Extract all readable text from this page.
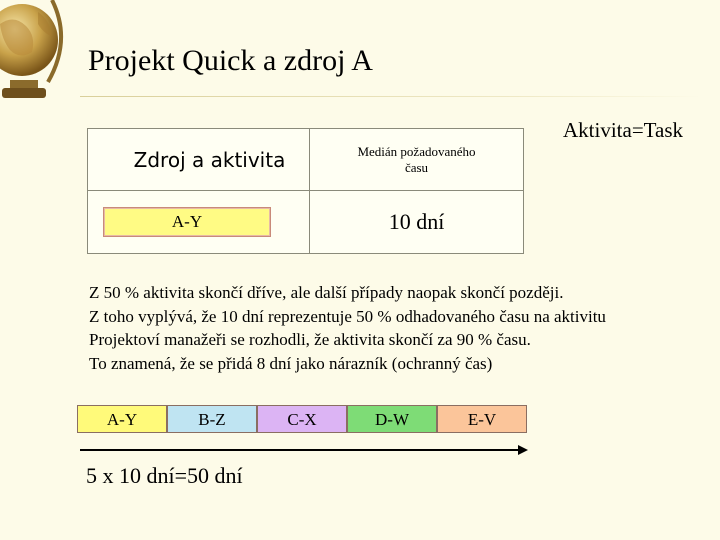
Projekt Quick a zdroj A
Aktivita=Task
Zdroj a aktivita	Medián požadovaného času

A-Y	10 dní
Z 50 % aktivita skončí dříve, ale další případy naopak skončí později.
Z toho vyplývá, že 10 dní reprezentuje 50 % odhadovaného času na aktivitu
Projektoví manažeři se rozhodli, že aktivita skončí za 90 % času.
To znamená, že se přidá 8 dní jako nárazník (ochranný čas)
A-Y	B-Z	C-X	D-W	E-V
5 x 10 dní=50 dní
